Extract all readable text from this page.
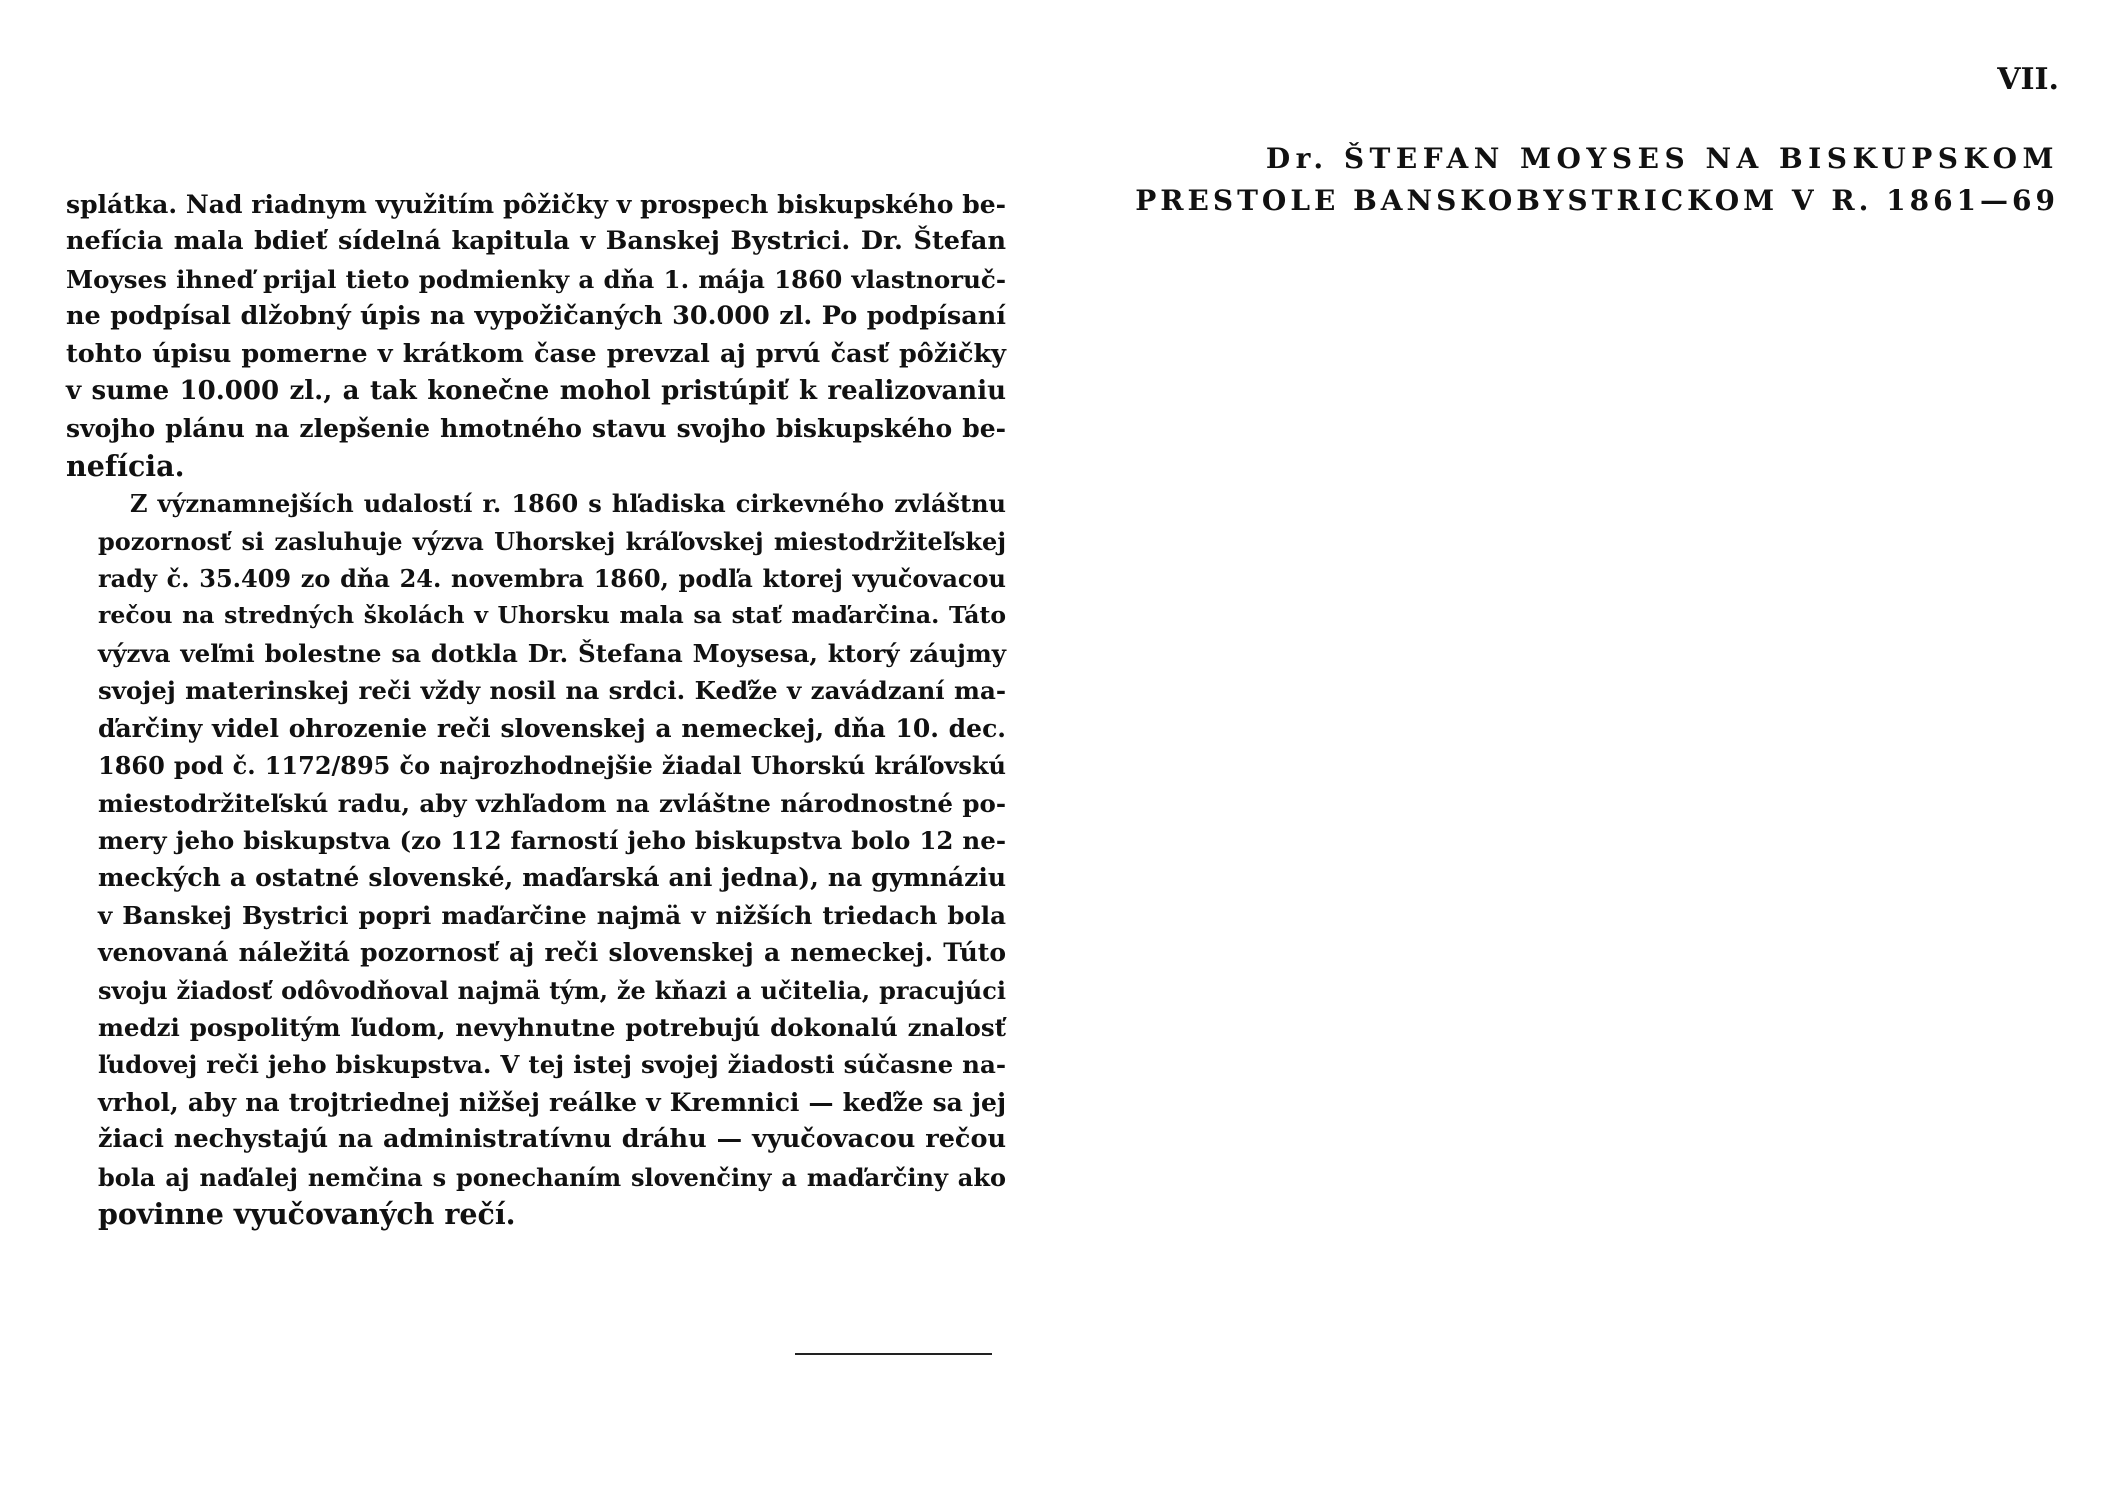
splátka. Nad riadnym využitím pôžičky v prospech biskupského be-
nefícia mala bdieť sídelná kapitula v Banskej Bystrici. Dr. Štefan
Moyses ihneď prijal tieto podmienky a dňa 1. mája 1860 vlastnoruč-
ne podpísal dlžobný úpis na vypožičaných 30.000 zl. Po podpísaní
tohto úpisu pomerne v krátkom čase prevzal aj prvú časť pôžičky
v sume 10.000 zl., a tak konečne mohol pristúpiť k realizovaniu
svojho plánu na zlepšenie hmotného stavu svojho biskupského be-
nefícia.

Z významnejších udalostí r. 1860 s hľadiska cirkevného zvláštnu
pozornosť si zasluhuje výzva Uhorskej kráľovskej miestodržiteľskej
rady č. 35.409 zo dňa 24. novembra 1860, podľa ktorej vyučovacou
rečou na stredných školách v Uhorsku mala sa stať maďarčina. Táto
výzva veľmi bolestne sa dotkla Dr. Štefana Moysesa, ktorý záujmy
svojej materinskej reči vždy nosil na srdci. Keďže v zavádzaní ma-
ďarčiny videl ohrozenie reči slovenskej a nemeckej, dňa 10. dec.
1860 pod č. 1172/895 čo najrozhodnejšie žiadal Uhorskú kráľovskú
miestodržiteľskú radu, aby vzhľadom na zvláštne národnostné po-
mery jeho biskupstva (zo 112 farností jeho biskupstva bolo 12 ne-
meckých a ostatné slovenské, maďarská ani jedna), na gymnáziu
v Banskej Bystrici popri maďarčine najmä v nižších triedach bola
venovaná náležitá pozornosť aj reči slovenskej a nemeckej. Túto
svoju žiadosť odôvodňoval najmä tým, že kňazi a učitelia, pracujúci
medzi pospolitým ľudom, nevyhnutne potrebujú dokonalú znalosť
ľudovej reči jeho biskupstva. V tej istej svojej žiadosti súčasne na-
vrhol, aby na trojtriednej nižšej reálke v Kremnici — keďže sa jej
žiaci nechystajú na administratívnu dráhu — vyučovacou rečou
bola aj naďalej nemčina s ponechaním slovenčiny a maďarčiny ako
povinne vyučovaných rečí.

VII.
Dr. ŠTEFAN MOYSES NA BISKUPSKOM
PRESTOLE BANSKOBYSTRICKOM V R. 1861—69
